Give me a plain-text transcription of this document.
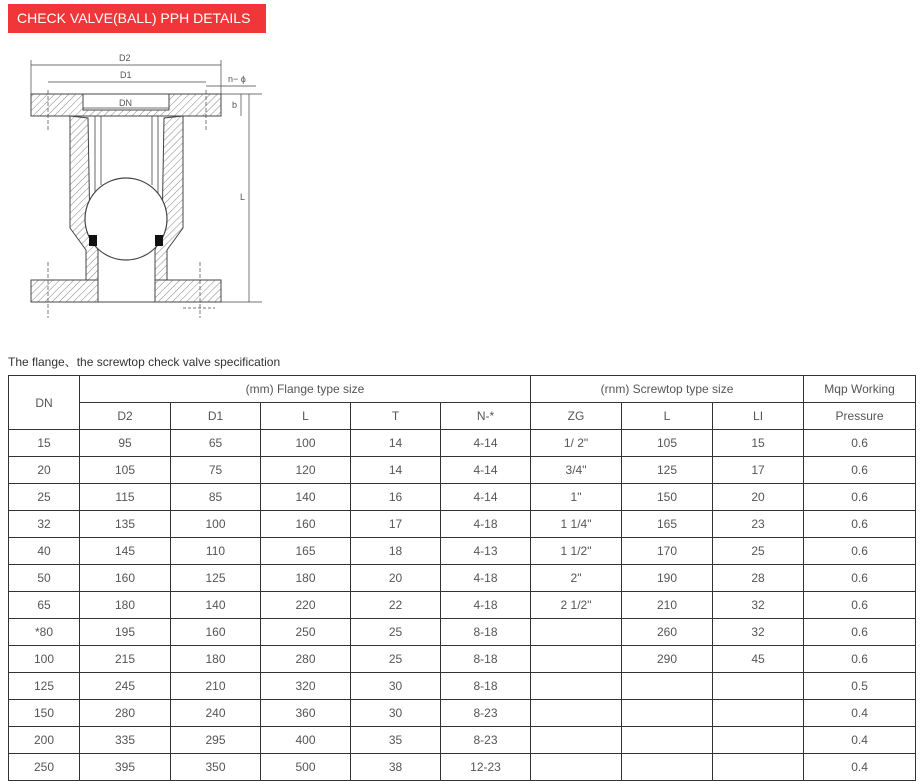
CHECK VALVE(BALL) PPH DETAILS
D2
D1
DN
n− ϕ
b
L
The flange、the screwtop check valve specification
DN	(mm) Flange type size					(rnm) Screwtop type size			Mqp Working
	D2	D1	L	T	N-*	ZG	L	LI	Pressure
15	95	65	100	14	4-14	1/ 2"	105	15	0.6
20	105	75	120	14	4-14	3/4"	125	17	0.6
25	115	85	140	16	4-14	1"	150	20	0.6
32	135	100	160	17	4-18	1 1/4"	165	23	0.6
40	145	110	165	18	4-13	1 1/2"	170	25	0.6
50	160	125	180	20	4-18	2"	190	28	0.6
65	180	140	220	22	4-18	2 1/2"	210	32	0.6
*80	195	160	250	25	8-18		260	32	0.6
100	215	180	280	25	8-18		290	45	0.6
125	245	210	320	30	8-18				0.5
150	280	240	360	30	8-23				0.4
200	335	295	400	35	8-23				0.4
250	395	350	500	38	12-23				0.4
